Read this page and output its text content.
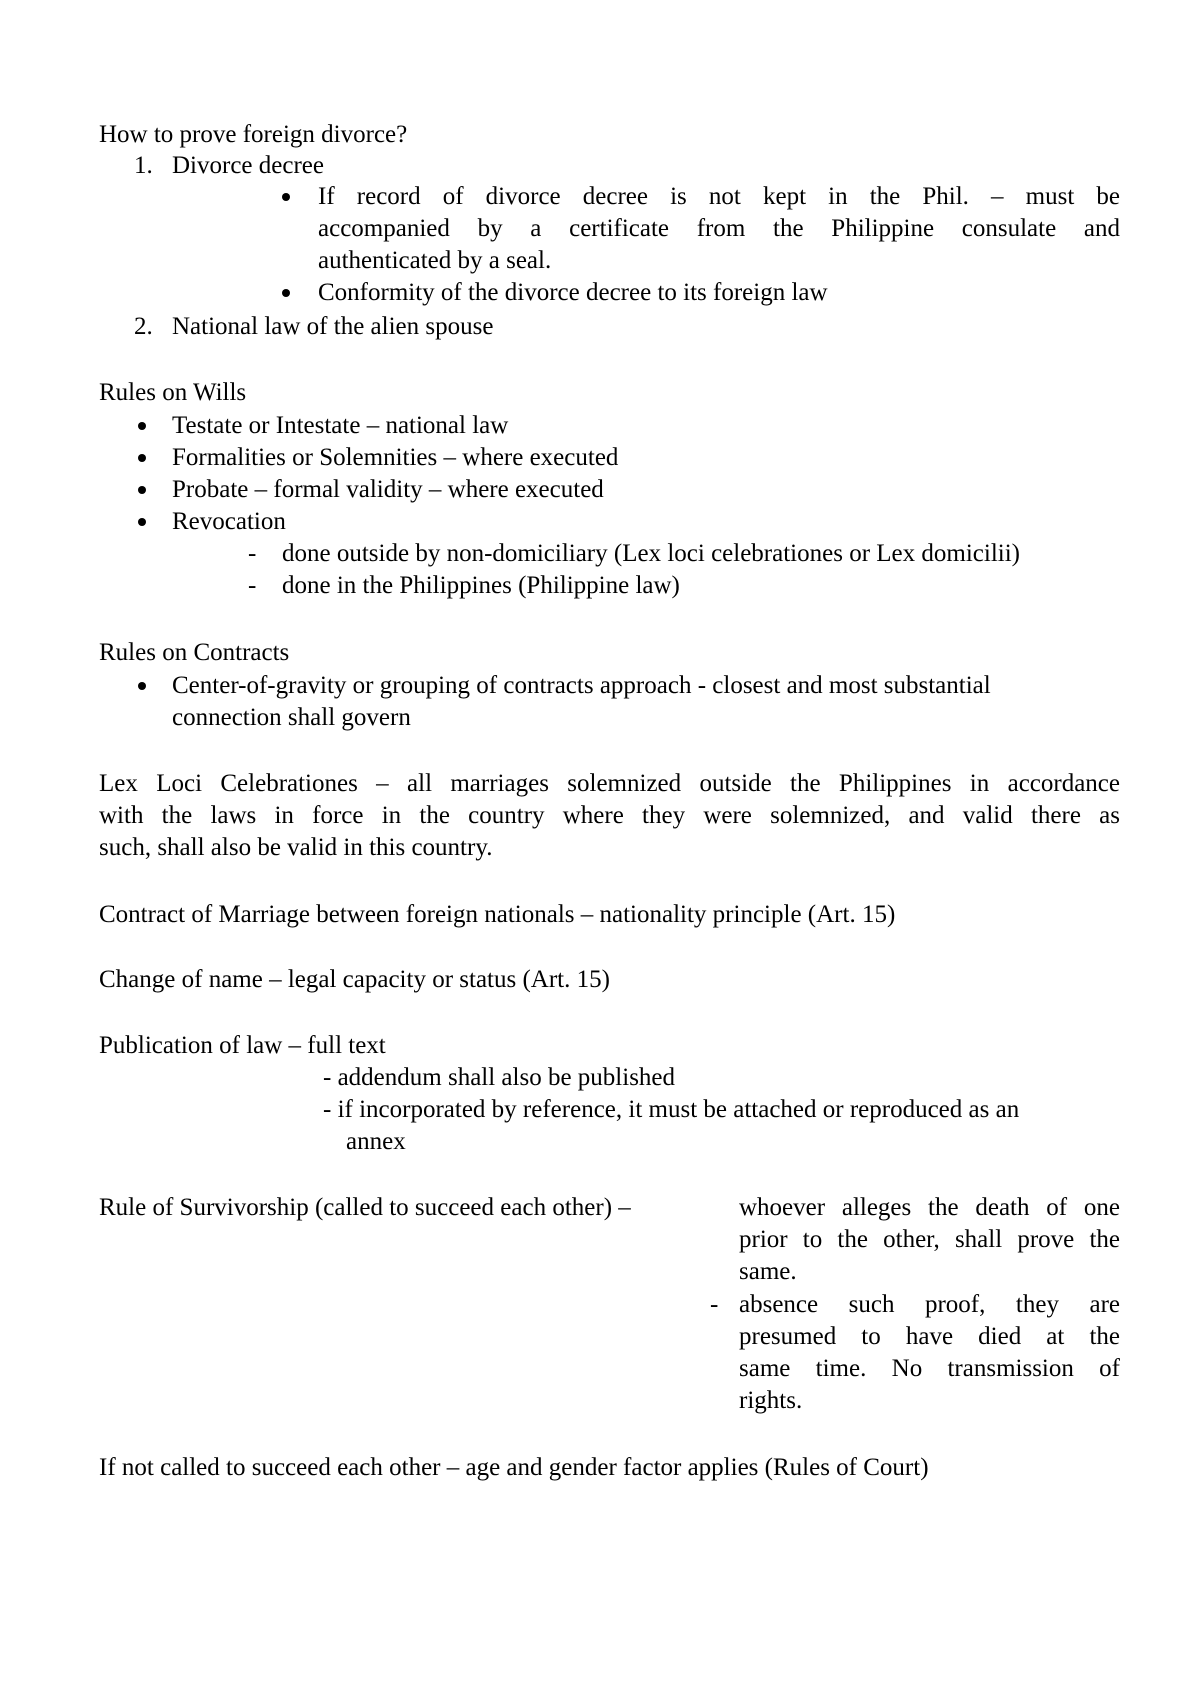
How to prove foreign divorce?
1. Divorce decree
If record of divorce decree is not kept in the Phil. – must be
accompanied by a certificate from the Philippine consulate and
authenticated by a seal.
Conformity of the divorce decree to its foreign law
2. National law of the alien spouse
Rules on Wills
Testate or Intestate – national law
Formalities or Solemnities – where executed
Probate – formal validity – where executed
Revocation
- done outside by non-domiciliary (Lex loci celebrationes or Lex domicilii)
- done in the Philippines (Philippine law)
Rules on Contracts
Center-of-gravity or grouping of contracts approach - closest and most substantial
connection shall govern
Lex Loci Celebrationes – all marriages solemnized outside the Philippines in accordance
with the laws in force in the country where they were solemnized, and valid there as
such, shall also be valid in this country.
Contract of Marriage between foreign nationals – nationality principle (Art. 15)
Change of name – legal capacity or status (Art. 15)
Publication of law – full text
- addendum shall also be published
- if incorporated by reference, it must be attached or reproduced as an
annex
Rule of Survivorship (called to succeed each other) –	whoever alleges the death of one
prior to the other, shall prove the
same.
- absence such proof, they are
presumed to have died at the
same time. No transmission of
rights.
If not called to succeed each other – age and gender factor applies (Rules of Court)
